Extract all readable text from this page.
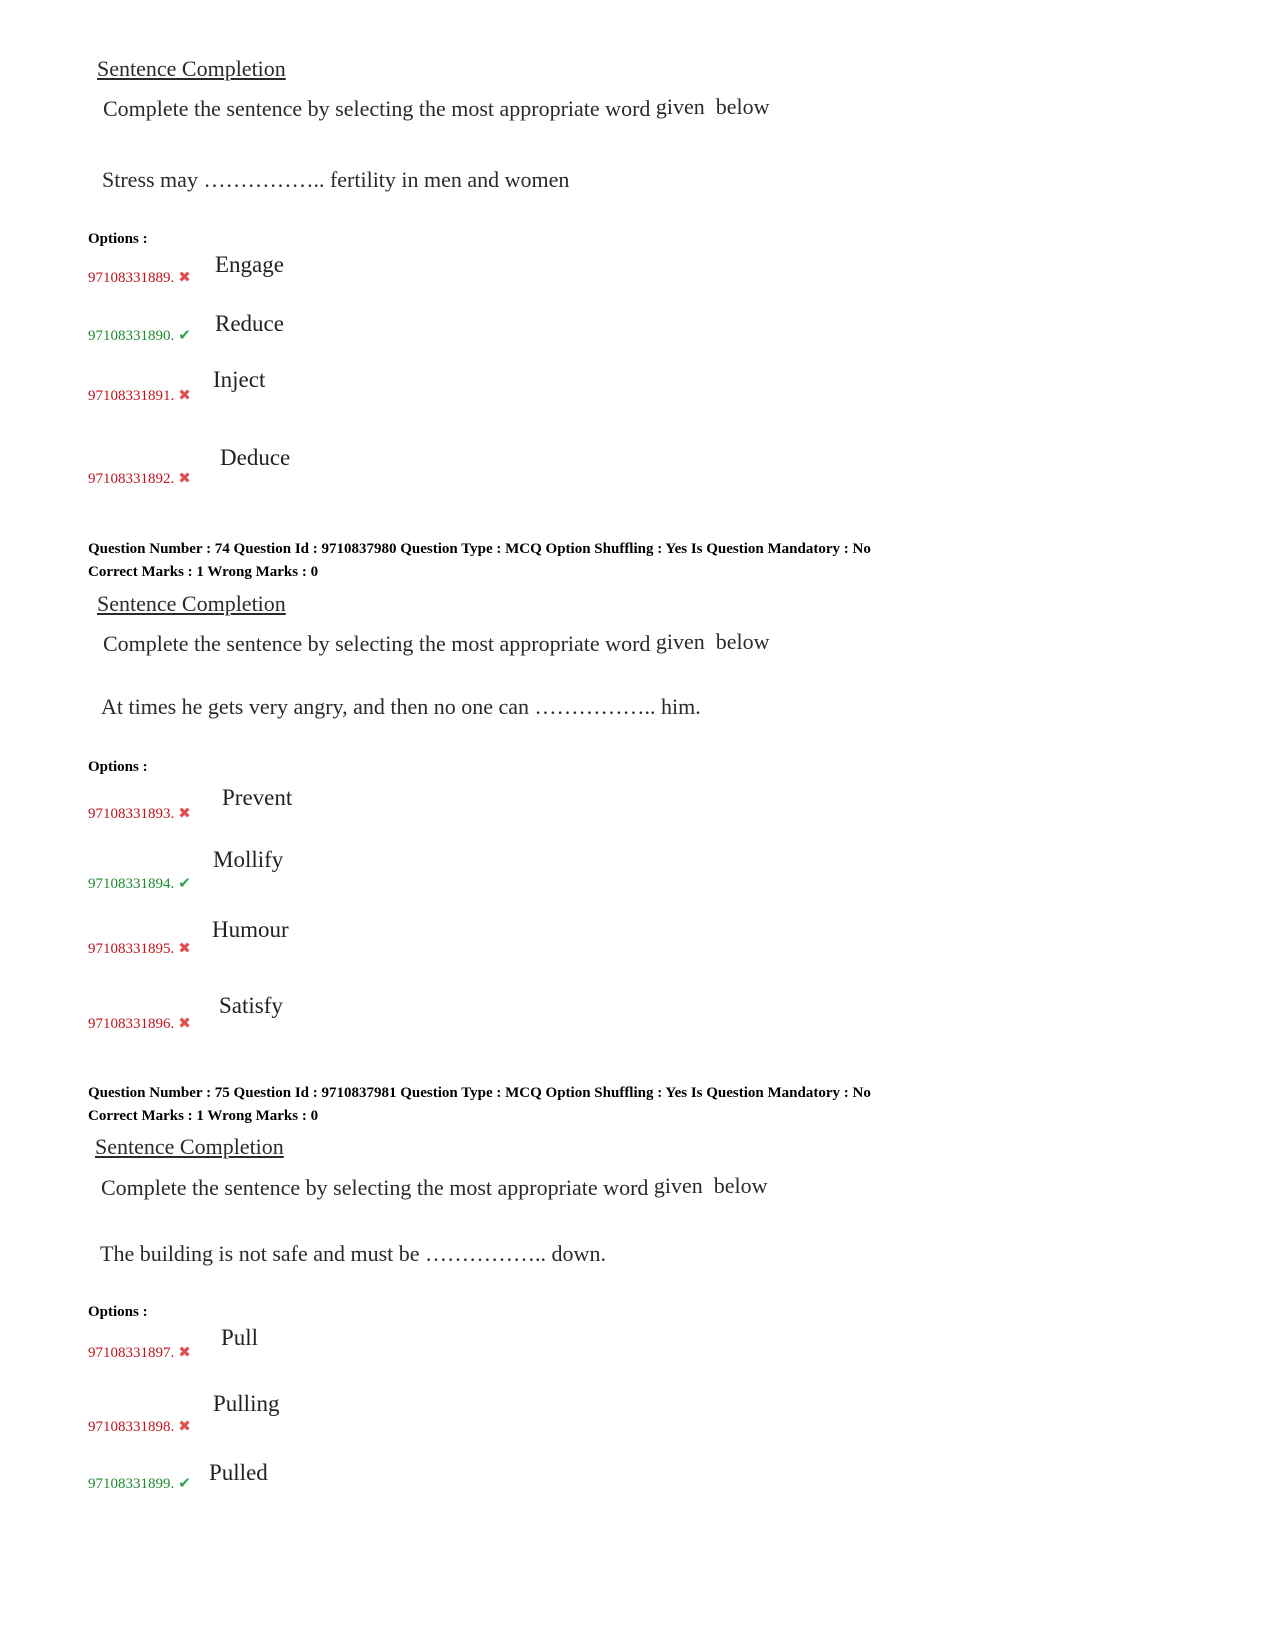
Sentence Completion
Complete the sentence by selecting the most appropriate word given  below
Stress may …………….. fertility in men and women
Options :
97108331889. ✖
Engage
97108331890. ✔ Reduce
97108331891. ✖
Inject
97108331892. ✖
Deduce
Question Number : 74 Question Id : 9710837980 Question Type : MCQ Option Shuffling : Yes Is Question Mandatory : No
Correct Marks : 1 Wrong Marks : 0
Sentence Completion
Complete the sentence by selecting the most appropriate word given  below
At times he gets very angry, and then no one can …………….. him.
Options :
97108331893. ✖
Prevent
97108331894. ✔
Mollify
97108331895. ✖
Humour
97108331896. ✖
Satisfy
Question Number : 75 Question Id : 9710837981 Question Type : MCQ Option Shuffling : Yes Is Question Mandatory : No
Correct Marks : 1 Wrong Marks : 0
Sentence Completion
Complete the sentence by selecting the most appropriate word given  below
The building is not safe and must be …………….. down.
Options :
97108331897. ✖
Pull
97108331898. ✖
Pulling
97108331899. ✔ Pulled
